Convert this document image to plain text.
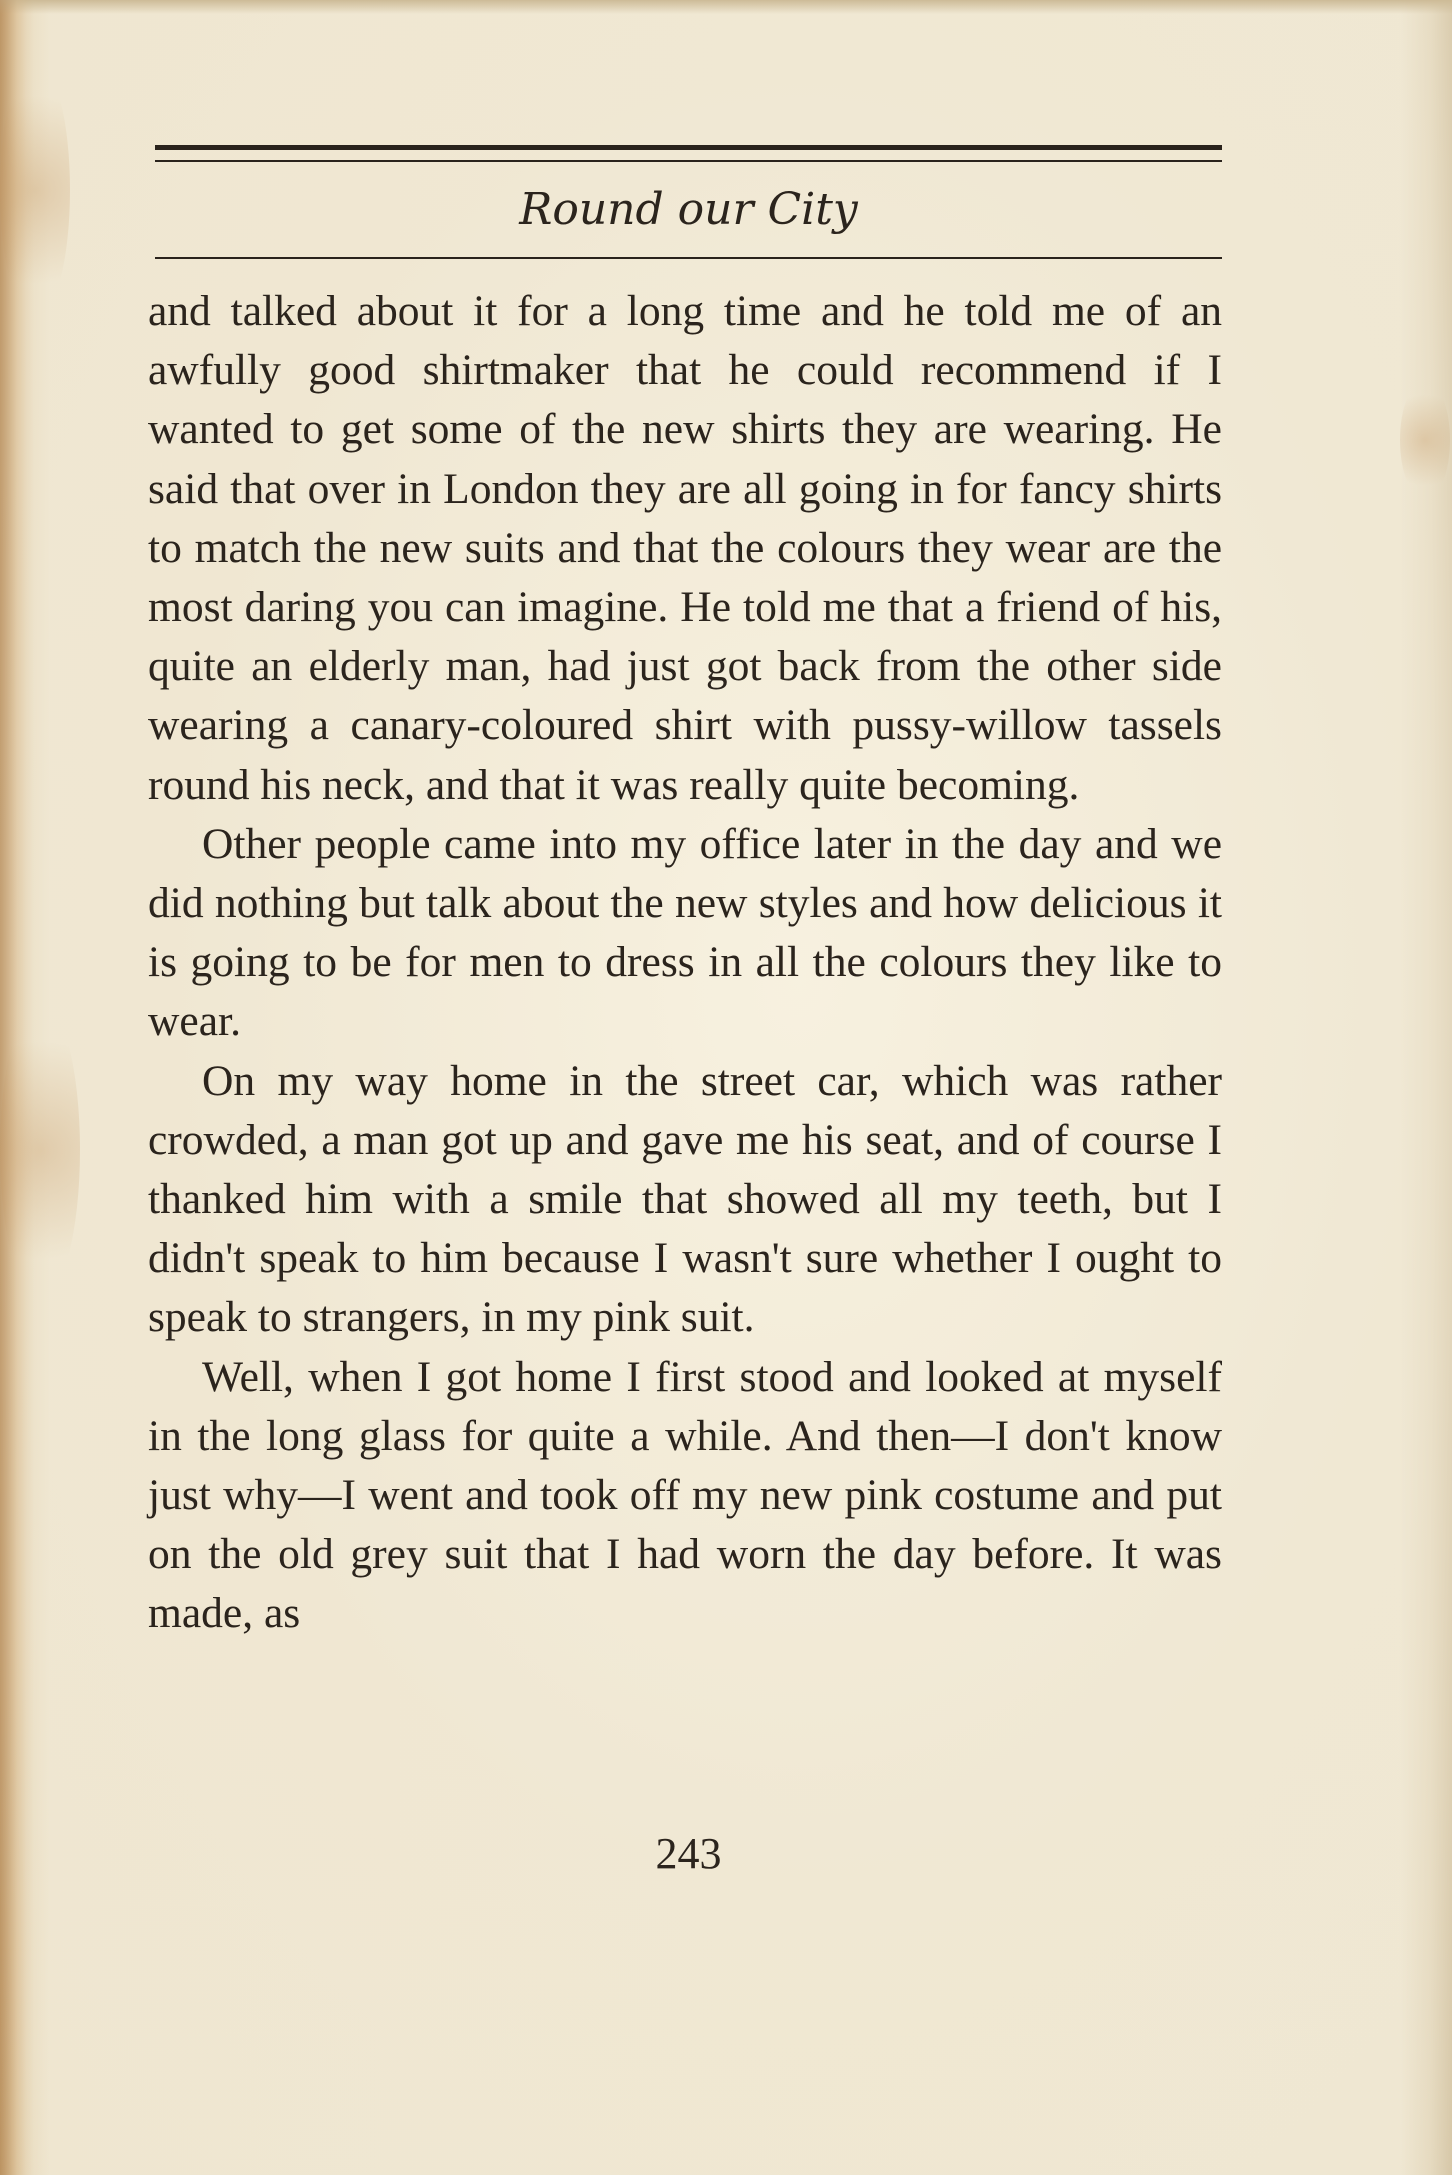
Round our City

and talked about it for a long time and he told me of an awfully good shirtmaker that he could recommend if I wanted to get some of the new shirts they are wearing. He said that over in London they are all going in for fancy shirts to match the new suits and that the colours they wear are the most daring you can imagine. He told me that a friend of his, quite an elderly man, had just got back from the other side wearing a canary-coloured shirt with pussy-willow tassels round his neck, and that it was really quite becoming.

Other people came into my office later in the day and we did nothing but talk about the new styles and how delicious it is going to be for men to dress in all the colours they like to wear.

On my way home in the street car, which was rather crowded, a man got up and gave me his seat, and of course I thanked him with a smile that showed all my teeth, but I didn't speak to him because I wasn't sure whether I ought to speak to strangers, in my pink suit.

Well, when I got home I first stood and looked at myself in the long glass for quite a while. And then—I don't know just why—I went and took off my new pink costume and put on the old grey suit that I had worn the day before. It was made, as

243
